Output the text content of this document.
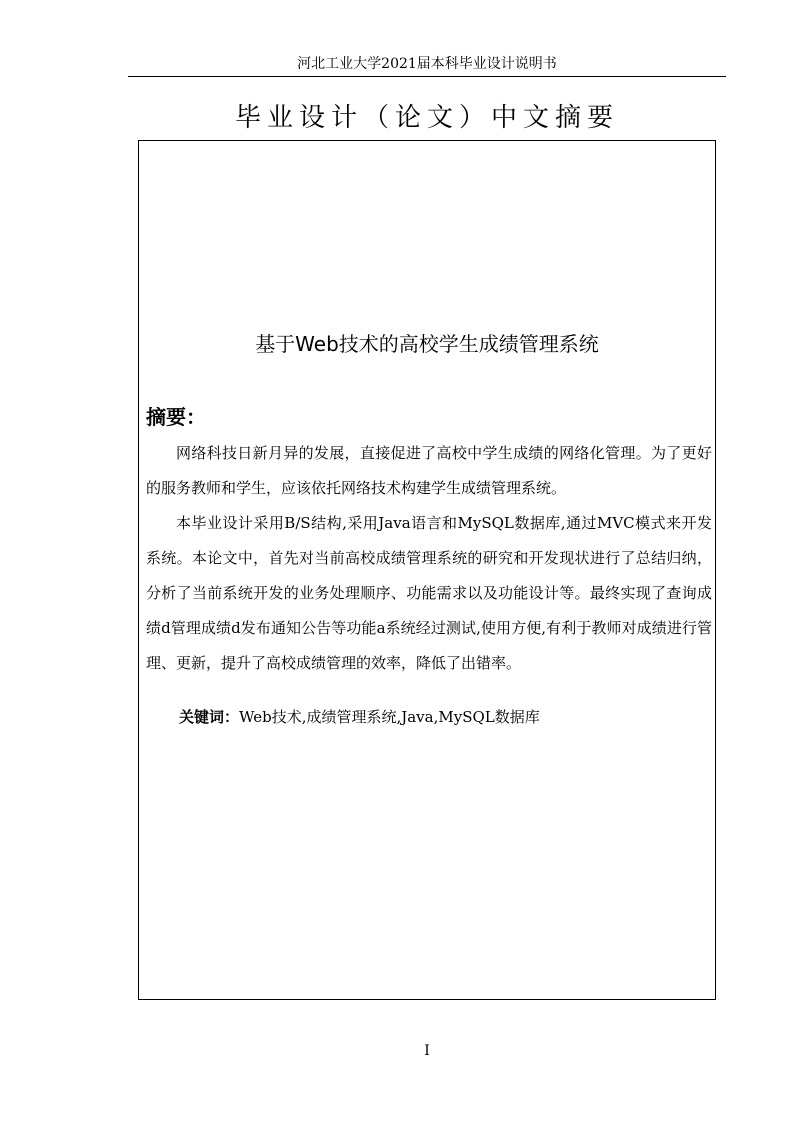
河北工业大学2021届本科毕业设计说明书
毕业设计（论文）中文摘要
基于Web技术的高校学生成绩管理系统
摘要：

网络科技日新月异的发展，直接促进了高校中学生成绩的网络化管理。为了更好的服务教师和学生，应该依托网络技术构建学生成绩管理系统。

本毕业设计采用B/S结构,采用Java语言和MySQL数据库,通过MVC模式来开发系统。本论文中，首先对当前高校成绩管理系统的研究和开发现状进行了总结归纳，分析了当前系统开发的业务处理顺序、功能需求以及功能设计等。最终实现了查询成绩d管理成绩d发布通知公告等功能a系统经过测试,使用方便,有利于教师对成绩进行管理、更新，提升了高校成绩管理的效率，降低了出错率。

关键词：Web技术,成绩管理系统,Java,MySQL数据库
I
